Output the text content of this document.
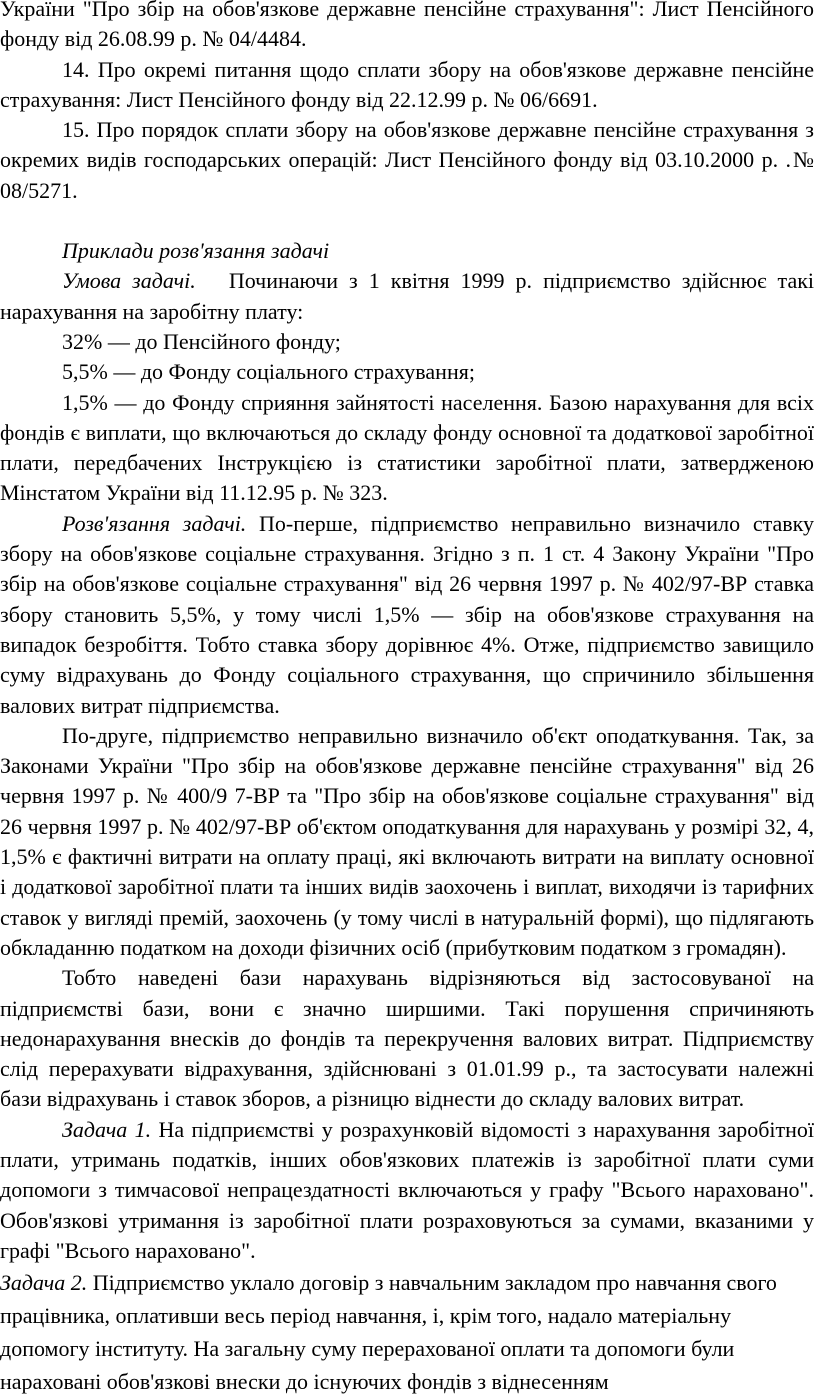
України "Про збір на обов'язкове державне пенсійне страхування": Лист Пенсійного фонду від 26.08.99 р. № 04/4484.

14. Про окремі питання щодо сплати збору на обов'язкове державне пенсійне страхування: Лист Пенсійного фонду від 22.12.99 р. № 06/6691.

15. Про порядок сплати збору на обов'язкове державне пенсійне страхування з окремих видів господарських операцій: Лист Пенсійного фонду від 03.10.2000 р. .№ 08/5271.

Приклади розв'язання задачі

Умова задачі. Починаючи з 1 квітня 1999 р. підприємство здійснює такі нарахування на заробітну плату:

32% — до Пенсійного фонду;

5,5% — до Фонду соціального страхування;

1,5% — до Фонду сприяння зайнятості населення. Базою нарахування для всіх фондів є виплати, що включаються до складу фонду основної та додаткової заробітної плати, передбачених Інструкцією із статистики заробітної плати, затвердженою Мінстатом України від 11.12.95 р. № 323.

Розв'язання задачі. По-перше, підприємство неправильно визначило ставку збору на обов'язкове соціальне страхування. Згідно з п. 1 ст. 4 Закону України "Про збір на обов'язкове соціальне страхування" від 26 червня 1997 р. № 402/97-ВР ставка збору становить 5,5%, у тому числі 1,5% — збір на обов'язкове страхування на випадок безробіття. Тобто ставка збору дорівнює 4%. Отже, підприємство завищило суму відрахувань до Фонду соціального страхування, що спричинило збільшення валових витрат підприємства.

По-друге, підприємство неправильно визначило об'єкт оподаткування. Так, за Законами України "Про збір на обов'язкове державне пенсійне страхування" від 26 червня 1997 р. № 400/9 7-ВР та "Про збір на обов'язкове соціальне страхування" від 26 червня 1997 р. № 402/97-ВР об'єктом оподаткування для нарахувань у розмірі 32, 4, 1,5% є фактичні витрати на оплату праці, які включають витрати на виплату основної і додаткової заробітної плати та інших видів заохочень і виплат, виходячи із тарифних ставок у вигляді премій, заохочень (у тому числі в натуральній формі), що підлягають обкладанню податком на доходи фізичних осіб (прибутковим податком з громадян).

Тобто наведені бази нарахувань відрізняються від застосовуваної на підприємстві бази, вони є значно ширшими. Такі порушення спричиняють недонарахування внесків до фондів та перекручення валових витрат. Підприємству слід перерахувати відрахування, здійснювані з 01.01.99 р., та застосувати належні бази відрахувань і ставок зборов, а різницю віднести до складу валових витрат.

Задача 1. На підприємстві у розрахунковій відомості з нарахування заробітної плати, утримань податків, інших обов'язкових платежів із заробітної плати суми допомоги з тимчасової непрацездатності включаються у графу "Всього нараховано". Обов'язкові утримання із заробітної плати розраховуються за сумами, вказаними у графі "Всього нараховано".

Задача 2. Підприємство уклало договір з навчальним закладом про навчання свого працівника, оплативши весь період навчання, і, крім того, надало матеріальну допомогу інституту. На загальну суму перерахованої оплати та допомоги були нараховані обов'язкові внески до існуючих фондів з віднесенням
